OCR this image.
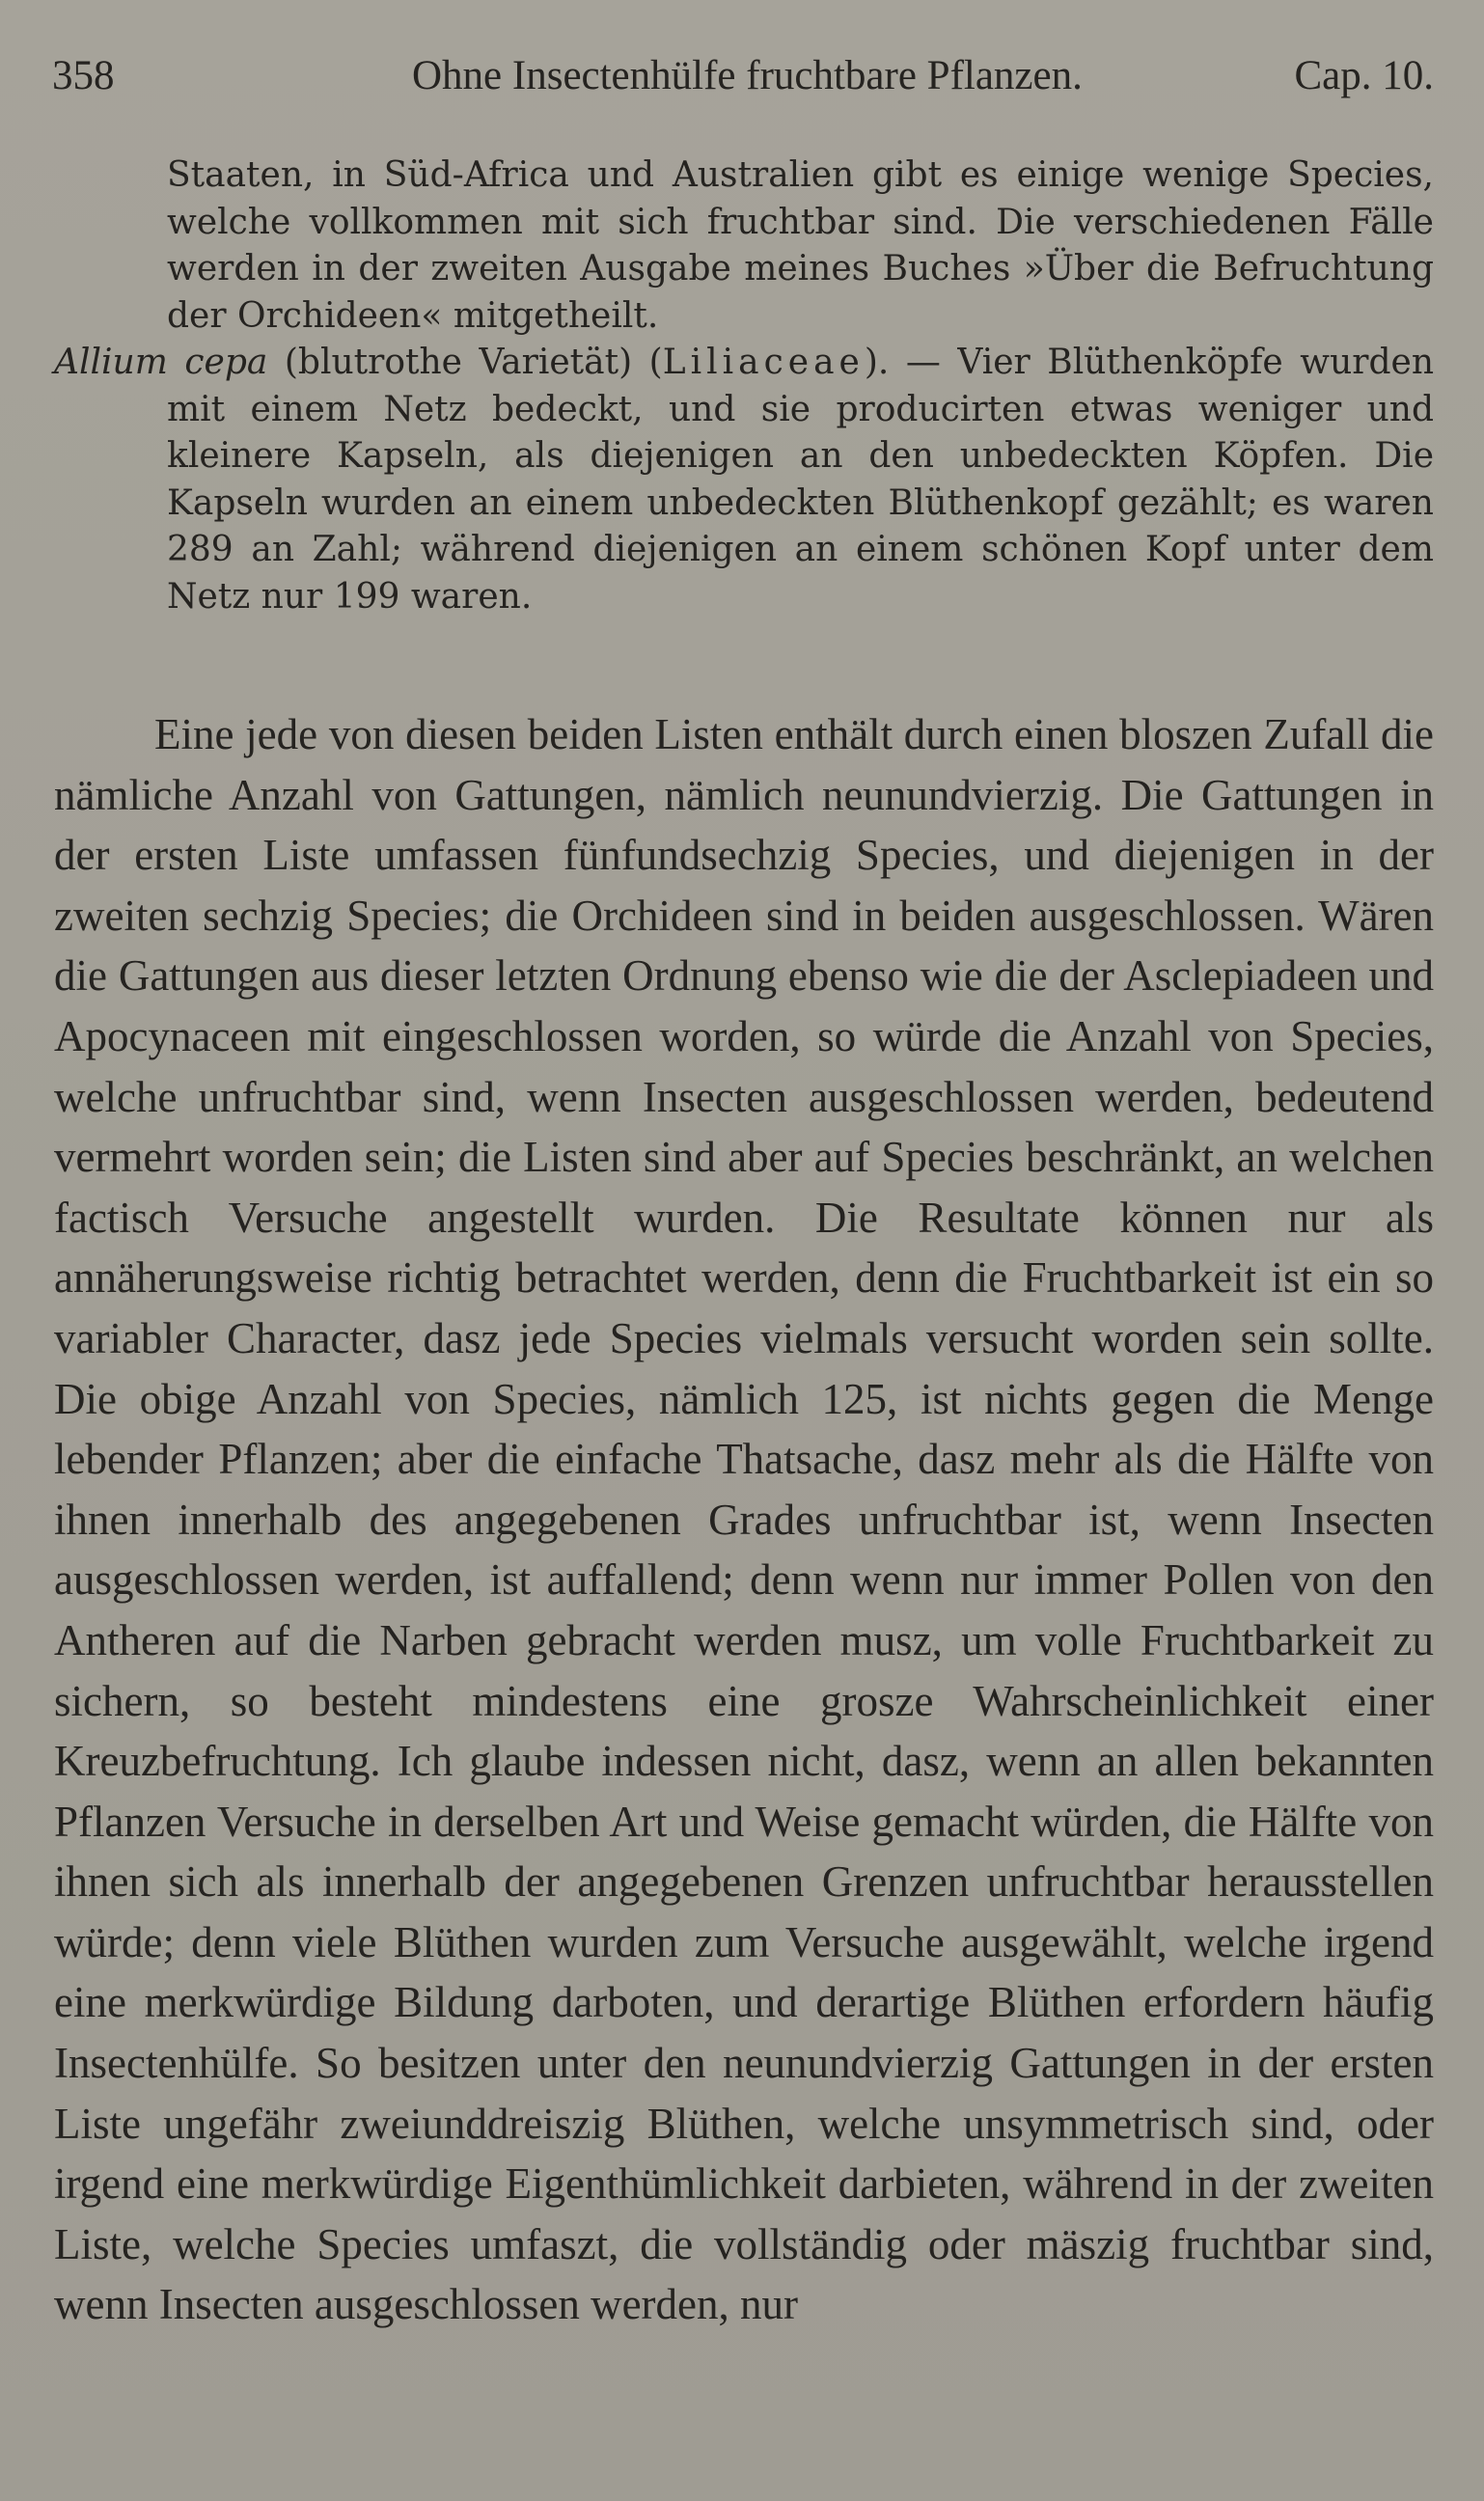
358	Ohne Insectenhülfe fruchtbare Pflanzen.	Cap. 10.

Staaten, in Süd-Africa und Australien gibt es einige wenige Species, welche vollkommen mit sich fruchtbar sind. Die verschiedenen Fälle werden in der zweiten Ausgabe meines Buches »Über die Befruchtung der Orchideen« mitgetheilt.

Allium cepa (blutrothe Varietät) (Liliaceae). — Vier Blüthenköpfe wurden mit einem Netz bedeckt, und sie producirten etwas weniger und kleinere Kapseln, als diejenigen an den unbedeckten Köpfen. Die Kapseln wurden an einem unbedeckten Blüthenkopf gezählt; es waren 289 an Zahl; während diejenigen an einem schönen Kopf unter dem Netz nur 199 waren.

Eine jede von diesen beiden Listen enthält durch einen bloszen Zufall die nämliche Anzahl von Gattungen, nämlich neunundvierzig. Die Gattungen in der ersten Liste umfassen fünfundsechzig Species, und diejenigen in der zweiten sechzig Species; die Orchideen sind in beiden ausgeschlossen. Wären die Gattungen aus dieser letzten Ordnung ebenso wie die der Asclepiadeen und Apocynaceen mit eingeschlossen worden, so würde die Anzahl von Species, welche unfruchtbar sind, wenn Insecten ausgeschlossen werden, bedeutend vermehrt worden sein; die Listen sind aber auf Species beschränkt, an welchen factisch Versuche angestellt wurden. Die Resultate können nur als annäherungsweise richtig betrachtet werden, denn die Fruchtbarkeit ist ein so variabler Character, dasz jede Species vielmals versucht worden sein sollte. Die obige Anzahl von Species, nämlich 125, ist nichts gegen die Menge lebender Pflanzen; aber die einfache Thatsache, dasz mehr als die Hälfte von ihnen innerhalb des angegebenen Grades unfruchtbar ist, wenn Insecten ausgeschlossen werden, ist auffallend; denn wenn nur immer Pollen von den Antheren auf die Narben gebracht werden musz, um volle Fruchtbarkeit zu sichern, so besteht mindestens eine grosze Wahrscheinlichkeit einer Kreuzbefruchtung. Ich glaube indessen nicht, dasz, wenn an allen bekannten Pflanzen Versuche in derselben Art und Weise gemacht würden, die Hälfte von ihnen sich als innerhalb der angegebenen Grenzen unfruchtbar herausstellen würde; denn viele Blüthen wurden zum Versuche ausgewählt, welche irgend eine merkwürdige Bildung darboten, und derartige Blüthen erfordern häufig Insectenhülfe. So besitzen unter den neunundvierzig Gattungen in der ersten Liste ungefähr zweiunddreiszig Blüthen, welche unsymmetrisch sind, oder irgend eine merkwürdige Eigenthümlichkeit darbieten, während in der zweiten Liste, welche Species umfaszt, die vollständig oder mäszig fruchtbar sind, wenn Insecten ausgeschlossen werden, nur
